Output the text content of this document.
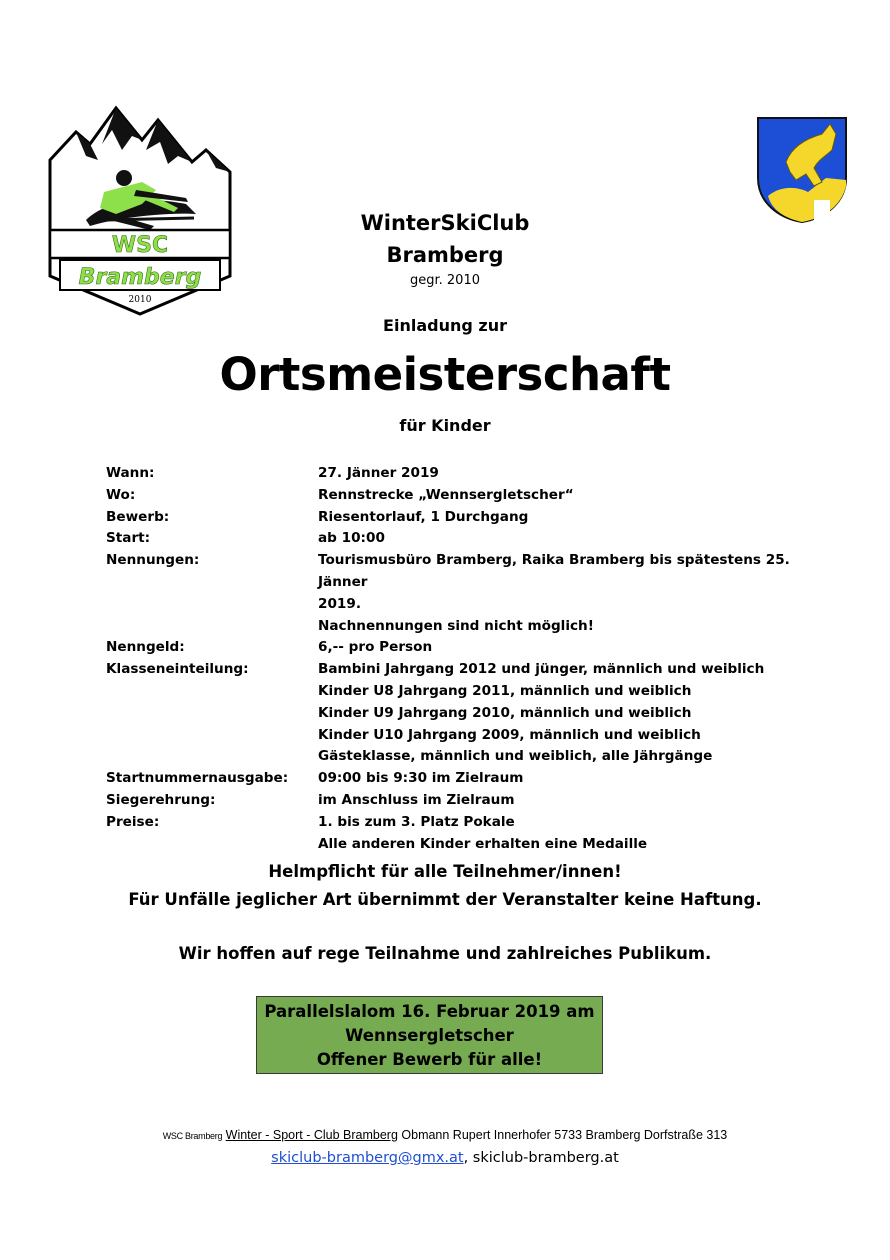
WSC
Bramberg
2010
WinterSkiClub
Bramberg
gegr. 2010
Einladung zur
Ortsmeisterschaft
für Kinder
Wann:	27. Jänner 2019
Wo:	Rennstrecke „Wennsergletscher“
Bewerb:	Riesentorlauf, 1 Durchgang
Start:	ab 10:00
Nennungen:	Tourismusbüro Bramberg, Raika Bramberg bis spätestens 25. Jänner
2019.
Nachnennungen sind nicht möglich!
Nenngeld:	6,-- pro Person
Klasseneinteilung:	Bambini Jahrgang 2012 und jünger, männlich und weiblich
Kinder U8 Jahrgang 2011, männlich und weiblich
Kinder U9 Jahrgang 2010, männlich und weiblich
Kinder U10 Jahrgang 2009, männlich und weiblich
Gästeklasse, männlich und weiblich, alle Jährgänge
Startnummernausgabe:	09:00 bis 9:30 im Zielraum
Siegerehrung:	im Anschluss im Zielraum
Preise:	1. bis zum 3. Platz Pokale
Alle anderen Kinder erhalten eine Medaille
Helmpflicht für alle Teilnehmer/innen!
Für Unfälle jeglicher Art übernimmt der Veranstalter keine Haftung.
Wir hoffen auf rege Teilnahme und zahlreiches Publikum.
Parallelslalom 16. Februar 2019 am
Wennsergletscher
Offener Bewerb für alle!
WSC Bramberg Winter - Sport - Club Bramberg Obmann Rupert Innerhofer 5733 Bramberg Dorfstraße 313
skiclub-bramberg@gmx.at, skiclub-bramberg.at
